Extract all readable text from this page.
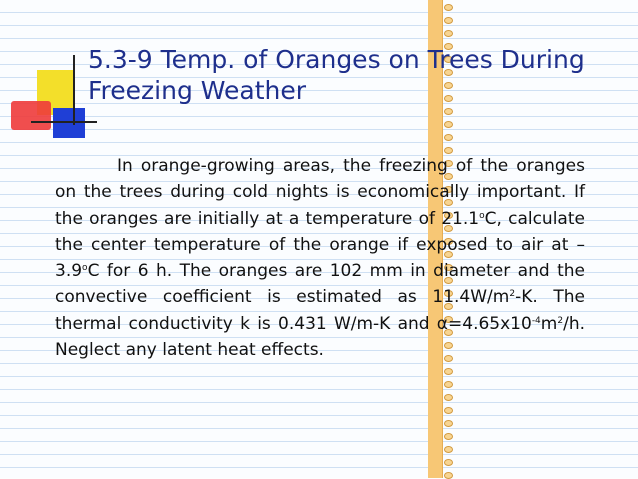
5.3-9 Temp. of Oranges on Trees During
Freezing Weather

In orange-growing areas, the freezing of the oranges on the trees during cold nights is economically important. If the oranges are initially at a temperature of 21.1$^o$C, calculate the center temperature of the orange if exposed to air at –3.9$^o$C for 6 h. The oranges are 102 mm in diameter and the convective coefficient is estimated as $11.4W/m^2-K$. The thermal conductivity k is 0.431 W/m-K and $\alpha=4.65x10^{-4}m^2/h$. Neglect any latent heat effects.
